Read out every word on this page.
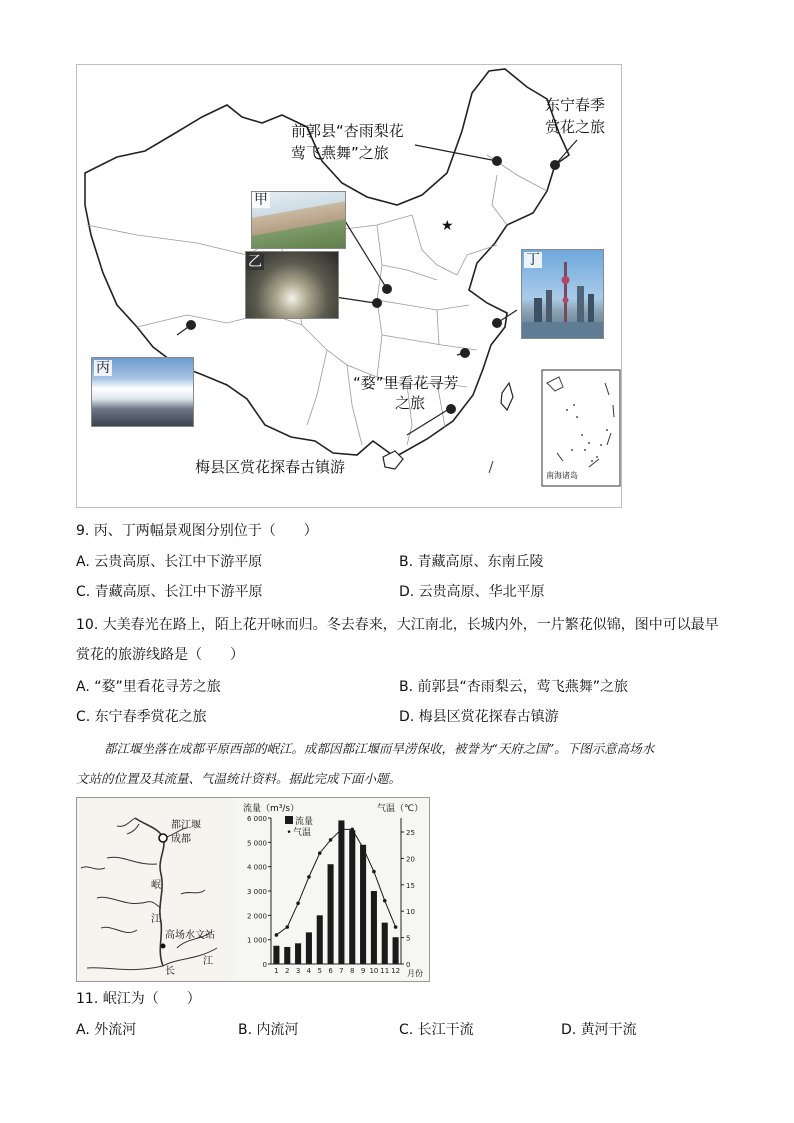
★
前郭县“杏雨梨花
莺飞燕舞”之旅
东宁春季
赏花之旅
“婺”里看花寻芳
之旅
梅县区赏花探春古镇游	南海诸岛
甲
乙
丙
丁
9. 丙、丁两幅景观图分别位于（　　）
A. 云贵高原、长江中下游平原	B. 青藏高原、东南丘陵
C. 青藏高原、长江中下游平原	D. 云贵高原、华北平原
10. 大美春光在路上，陌上花开咏而归。冬去春来，大江南北，长城内外，一片繁花似锦，图中可以最早
赏花的旅游线路是（　　）
A. “婺”里看花寻芳之旅	B. 前郭县“杏雨梨云，莺飞燕舞”之旅
C. 东宁春季赏花之旅	D. 梅县区赏花探春古镇游
都江堰坐落在成都平原西部的岷江。成都因都江堰而旱涝保收，被誉为“天府之国”。下图示意高场水
文站的位置及其流量、气温统计资料。据此完成下面小题。
都江堰
成都
岷
江
高场水文站
长
江	0
1 000
2 000
3 000
4 000
5 000
6 000
0
5
10
15
20
25
1 2 3 4 5 6 7 8 9 10 11 12
流量（m³/s）	气温（℃）
月份
流量
•气温
11. 岷江为（　　）
A. 外流河	B. 内流河	C. 长江干流	D. 黄河干流
